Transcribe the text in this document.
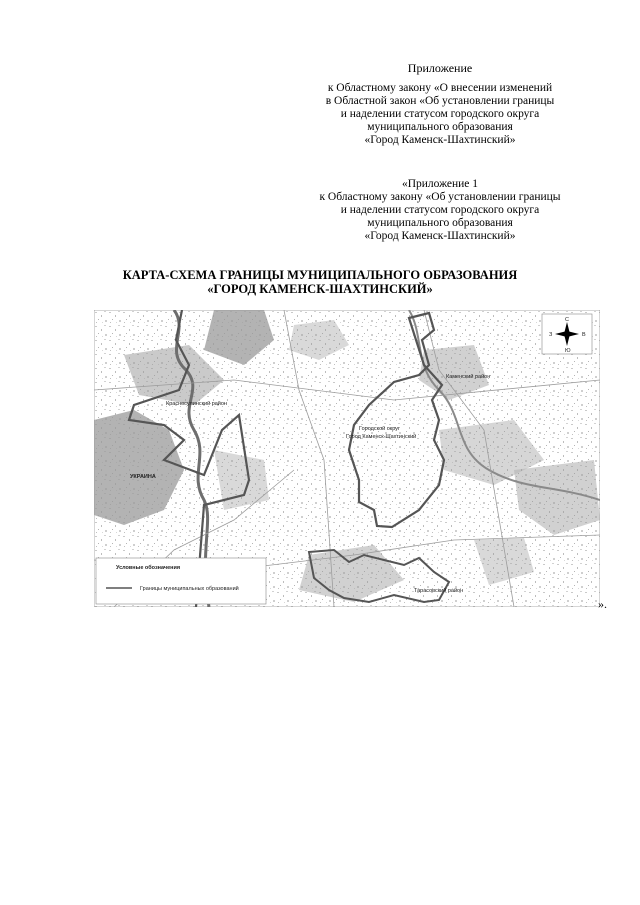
Приложение
к Областному закону «О внесении изменений
в Областной закон «Об установлении границы
и наделении статусом городского округа
муниципального образования
«Город Каменск-Шахтинский»
«Приложение 1
к Областному закону «Об установлении границы
и наделении статусом городского округа
муниципального образования
«Город Каменск-Шахтинский»
КАРТА-СХЕМА ГРАНИЦЫ МУНИЦИПАЛЬНОГО ОБРАЗОВАНИЯ
«ГОРОД КАМЕНСК-ШАХТИНСКИЙ»
УКРАИНА
Красносулинский район
Городской округ
Город Каменск-Шахтинский
Каменский район
Тарасовский район
С
Ю
З	В
Условные обозначения
Границы муниципальных образований
».
